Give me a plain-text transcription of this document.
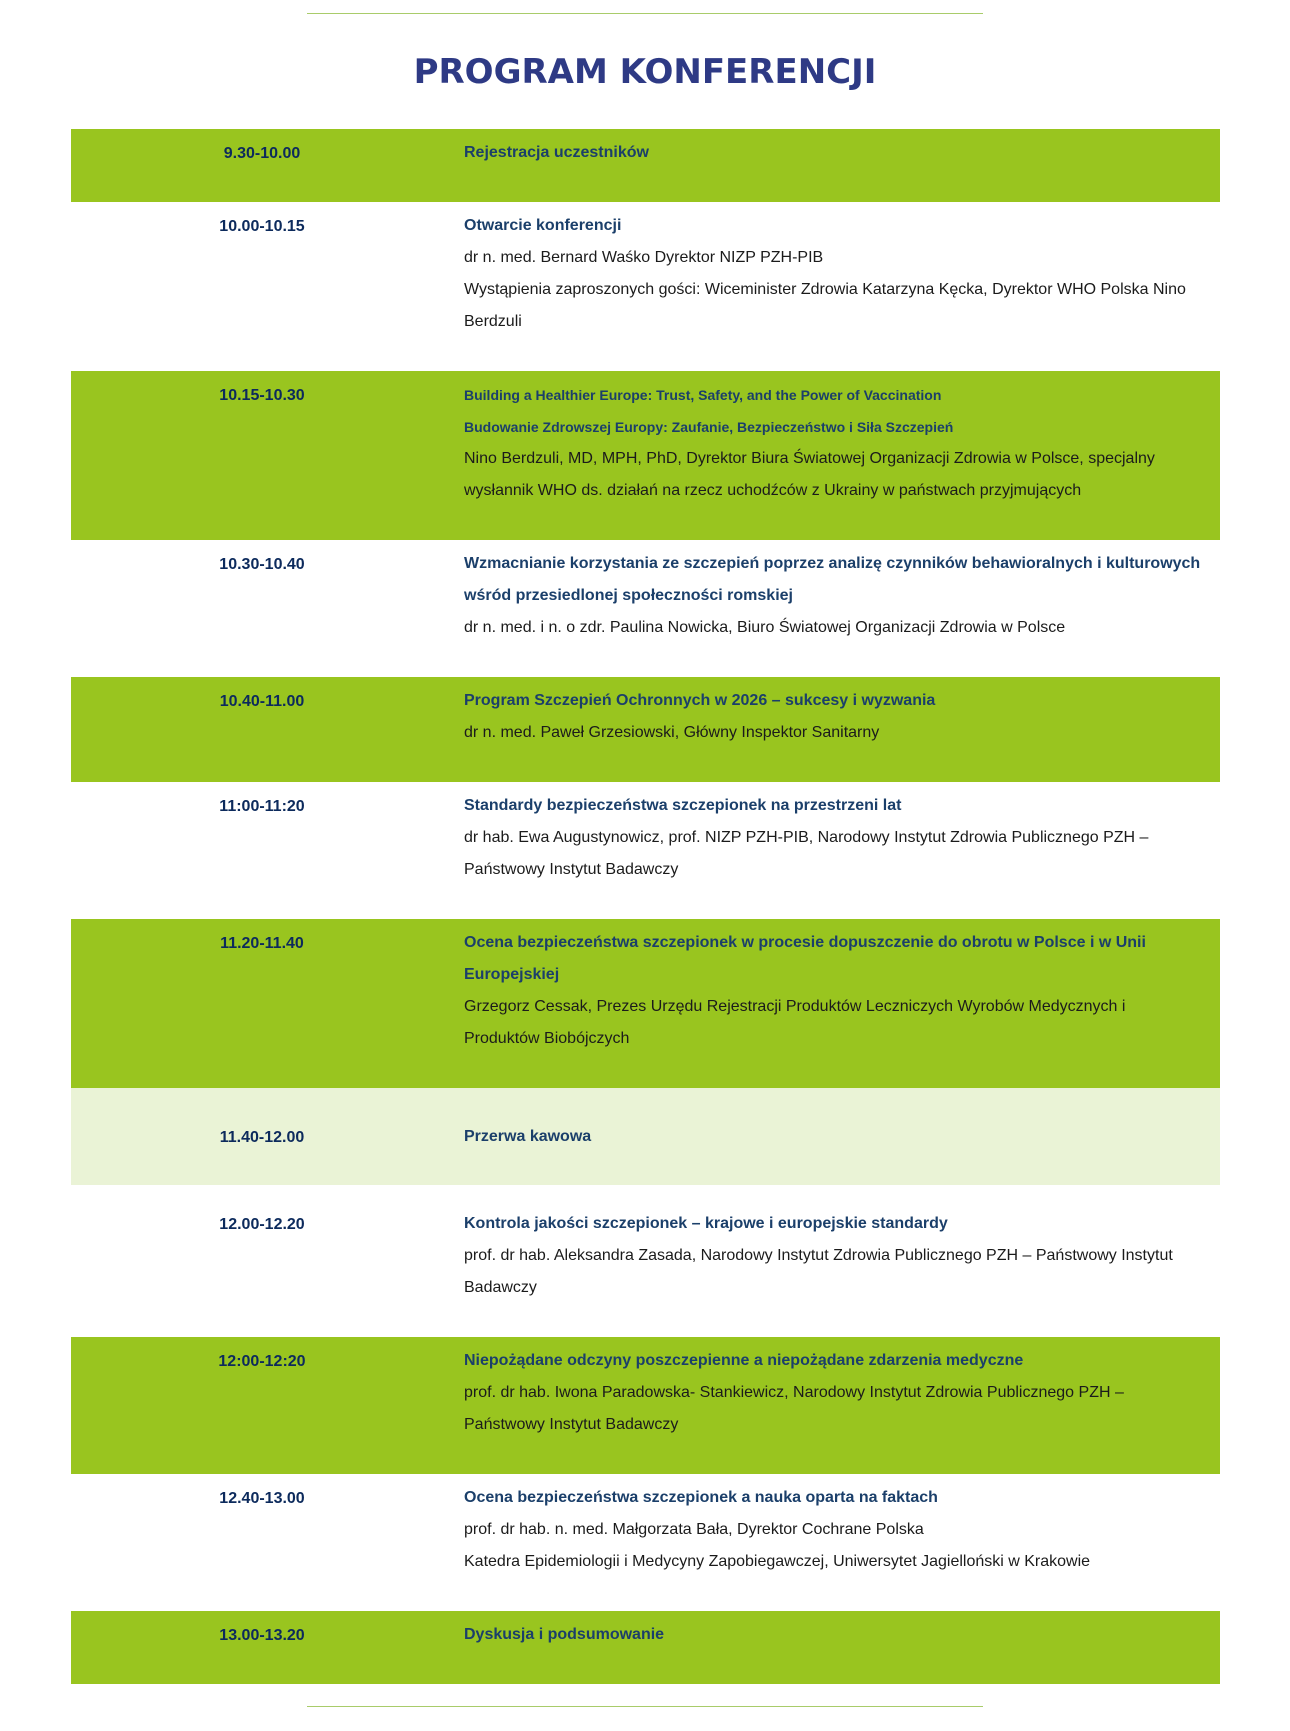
PROGRAM KONFERENCJI
9.30-10.00	Rejestracja uczestników
10.00-10.15	Otwarcie konferencji
dr n. med. Bernard Waśko Dyrektor NIZP PZH-PIB
Wystąpienia zaproszonych gości: Wiceminister Zdrowia Katarzyna Kęcka, Dyrektor WHO Polska Nino
Berdzuli
10.15-10.30	Building a Healthier Europe: Trust, Safety, and the Power of Vaccination
Budowanie Zdrowszej Europy: Zaufanie, Bezpieczeństwo i Siła Szczepień
Nino Berdzuli, MD, MPH, PhD, Dyrektor Biura Światowej Organizacji Zdrowia w Polsce, specjalny
wysłannik WHO ds. działań na rzecz uchodźców z Ukrainy w państwach przyjmujących
10.30-10.40	Wzmacnianie korzystania ze szczepień poprzez analizę czynników behawioralnych i kulturowych
wśród przesiedlonej społeczności romskiej
dr n. med. i n. o zdr. Paulina Nowicka, Biuro Światowej Organizacji Zdrowia w Polsce
10.40-11.00	Program Szczepień Ochronnych w 2026 – sukcesy i wyzwania
dr n. med. Paweł Grzesiowski, Główny Inspektor Sanitarny
11:00-11:20	Standardy bezpieczeństwa szczepionek na przestrzeni lat
dr hab. Ewa Augustynowicz, prof. NIZP PZH-PIB, Narodowy Instytut Zdrowia Publicznego PZH –
Państwowy Instytut Badawczy
11.20-11.40	Ocena bezpieczeństwa szczepionek w procesie dopuszczenie do obrotu w Polsce i w Unii
Europejskiej
Grzegorz Cessak, Prezes Urzędu Rejestracji Produktów Leczniczych Wyrobów Medycznych i
Produktów Biobójczych
11.40-12.00	Przerwa kawowa
12.00-12.20	Kontrola jakości szczepionek – krajowe i europejskie standardy
prof. dr hab. Aleksandra Zasada, Narodowy Instytut Zdrowia Publicznego PZH – Państwowy Instytut
Badawczy
12:00-12:20	Niepożądane odczyny poszczepienne a niepożądane zdarzenia medyczne
prof. dr hab. Iwona Paradowska- Stankiewicz, Narodowy Instytut Zdrowia Publicznego PZH –
Państwowy Instytut Badawczy
12.40-13.00	Ocena bezpieczeństwa szczepionek a nauka oparta na faktach
prof. dr hab. n. med. Małgorzata Bała, Dyrektor Cochrane Polska
Katedra Epidemiologii i Medycyny Zapobiegawczej, Uniwersytet Jagielloński w Krakowie
13.00-13.20	Dyskusja i podsumowanie
